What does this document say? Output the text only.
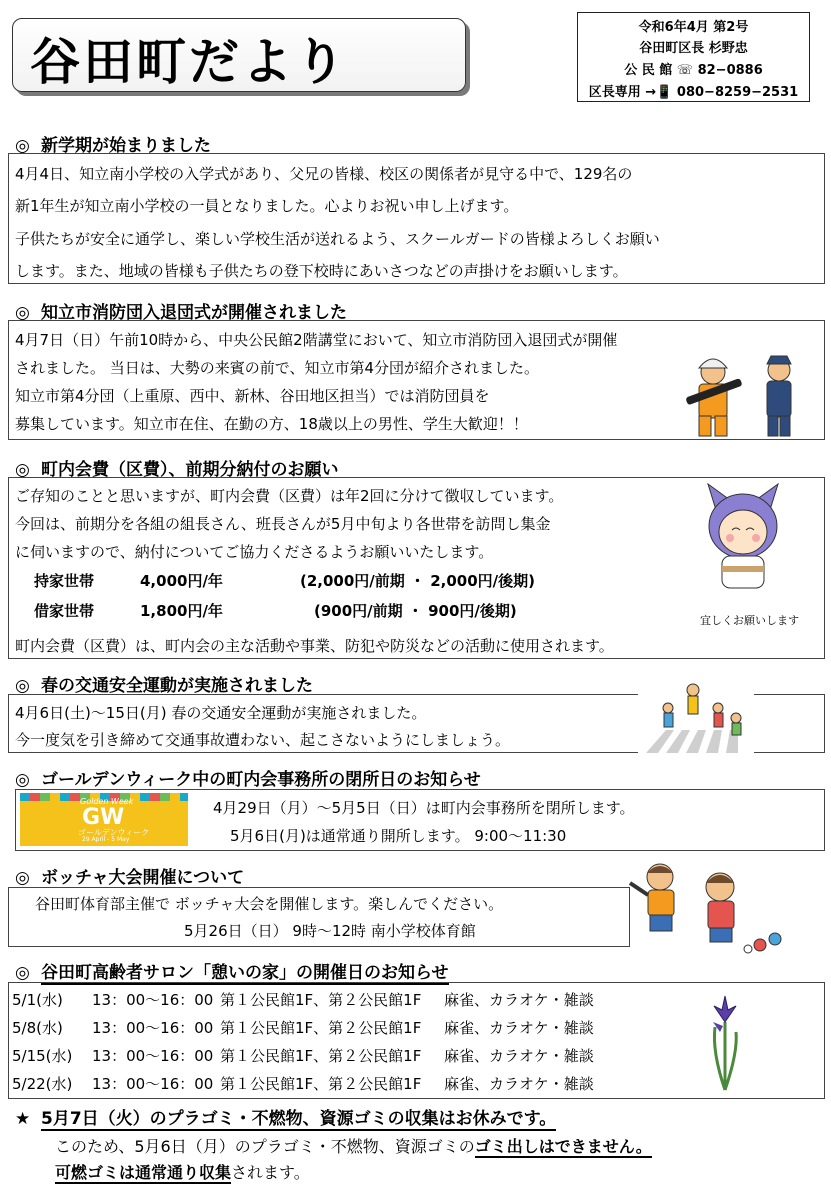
谷田町だより
令和6年4月 第2号
谷田町区長 杉野忠
公 民 館 ☏ 82−0886
区長専用 →📱 080−8259−2531
◎ 新学期が始まりました
4月4日、知立南小学校の入学式があり、父兄の皆様、校区の関係者が見守る中で、129名の
新1年生が知立南小学校の一員となりました。心よりお祝い申し上げます。
子供たちが安全に通学し、楽しい学校生活が送れるよう、スクールガードの皆様よろしくお願い
します。また、地域の皆様も子供たちの登下校時にあいさつなどの声掛けをお願いします。
◎ 知立市消防団入退団式が開催されました
4月7日（日）午前10時から、中央公民館2階講堂において、知立市消防団入退団式が開催
されました。 当日は、大勢の来賓の前で、知立市第4分団が紹介されました。
知立市第4分団（上重原、西中、新林、谷田地区担当）では消防団員を
募集しています。知立市在住、在勤の方、18歳以上の男性、学生大歓迎！！
◎ 町内会費（区費）、前期分納付のお願い
ご存知のことと思いますが、町内会費（区費）は年2回に分けて徴収しています。
今回は、前期分を各組の組長さん、班長さんが5月中旬より各世帯を訪問し集金
に伺いますので、納付についてご協力くださるようお願いいたします。
持家世帯	4,000円/年	(2,000円/前期 ・ 2,000円/後期)
借家世帯	1,800円/年	(900円/前期 ・ 900円/後期)
町内会費（区費）は、町内会の主な活動や事業、防犯や防災などの活動に使用されます。
宜しくお願いします
◎ 春の交通安全運動が実施されました
4月6日(土)〜15日(月) 春の交通安全運動が実施されました。
今一度気を引き締めて交通事故遭わない、起こさないようにしましょう。
◎ ゴールデンウィーク中の町内会事務所の閉所日のお知らせ
Golden Week
GW
ゴールデンウィーク
29 April - 5 May
4月29日（月）〜5月5日（日）は町内会事務所を閉所します。
5月6日(月)は通常通り開所します。 9:00〜11:30
◎ ボッチャ大会開催について
谷田町体育部主催で ボッチャ大会を開催します。楽しんでください。
5月26日（日） 9時〜12時 南小学校体育館
◎ 谷田町高齢者サロン「憩いの家」の開催日のお知らせ
5/1(水) 13：00〜16：00 第１公民館1F、第２公民館1F 麻雀、カラオケ・雑談
5/8(水) 13：00〜16：00 第１公民館1F、第２公民館1F 麻雀、カラオケ・雑談
5/15(水) 13：00〜16：00 第１公民館1F、第２公民館1F 麻雀、カラオケ・雑談
5/22(水) 13：00〜16：00 第１公民館1F、第２公民館1F 麻雀、カラオケ・雑談
★ 5月7日（火）のプラゴミ・不燃物、資源ゴミの収集はお休みです。
このため、5月6日（月）のプラゴミ・不燃物、資源ゴミのゴミ出しはできません。
可燃ゴミは通常通り収集されます。
